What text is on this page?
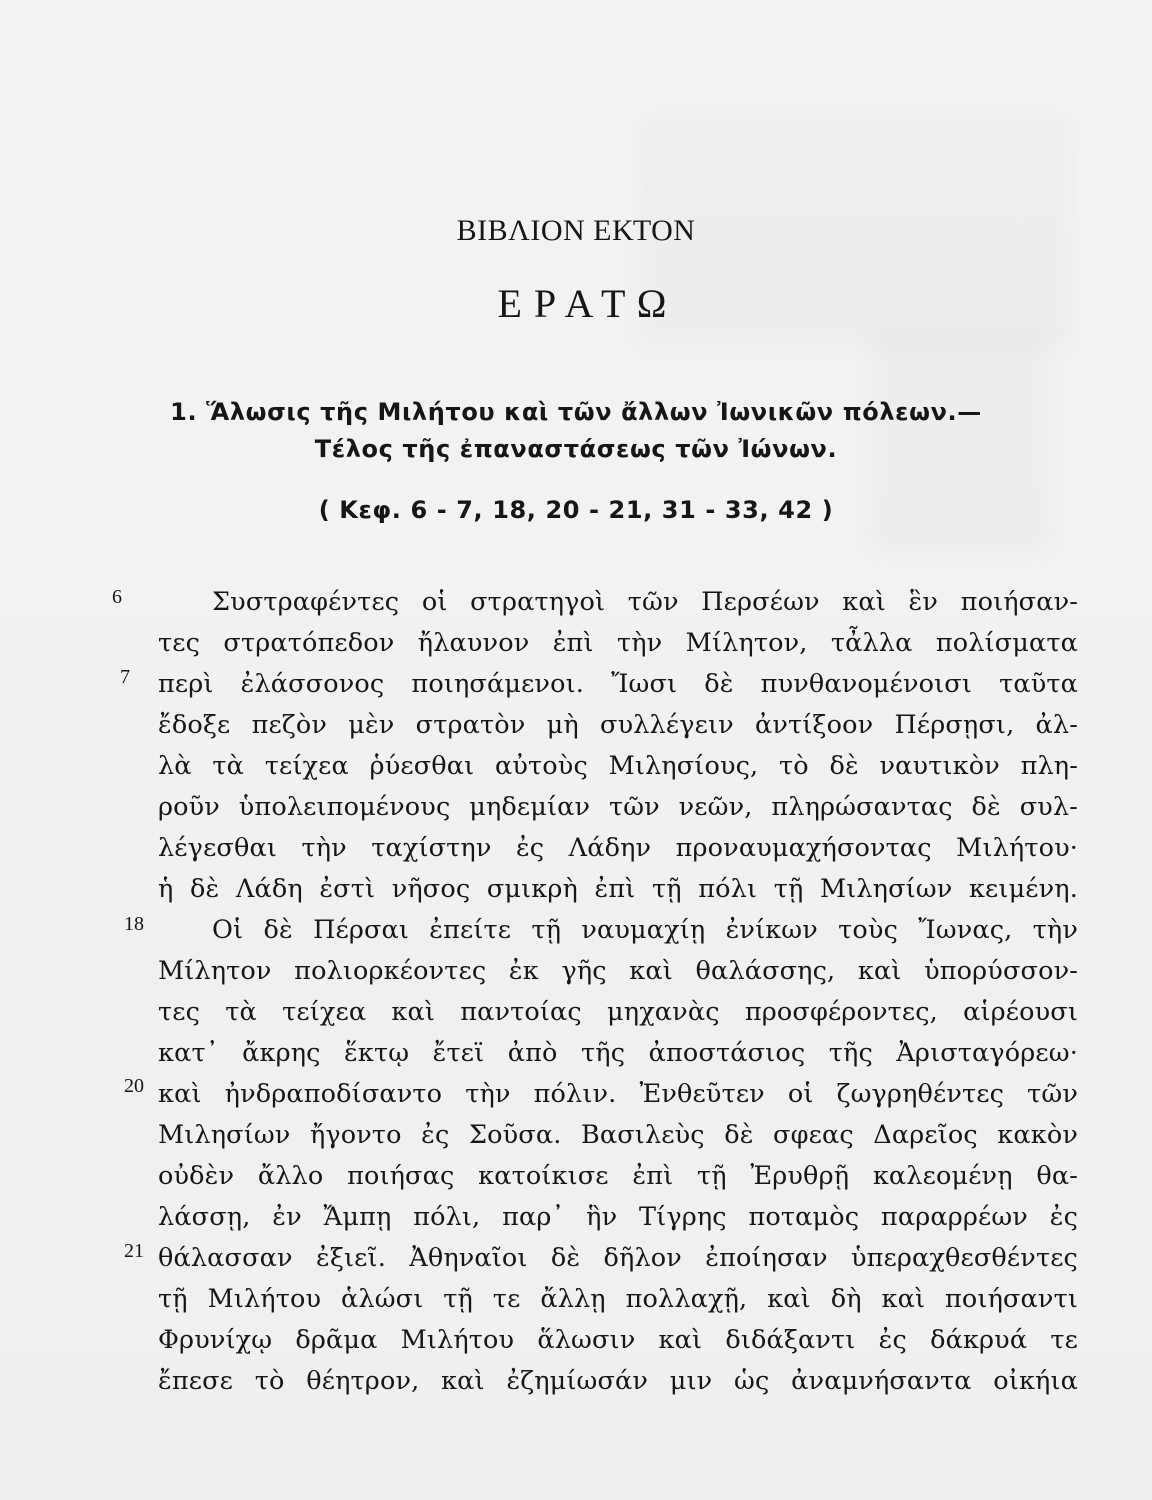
ΒΙΒΛΙΟΝ ΕΚΤΟΝ
ΕΡΑΤΩ
1. Ἅλωσις τῆς Μιλήτου καὶ τῶν ἄλλων Ἰωνικῶν πόλεων.—
Τέλος τῆς ἐπαναστάσεως τῶν Ἰώνων.
( Κεφ. 6 - 7, 18, 20 - 21, 31 - 33, 42 )
6
7
18
20
21
Συστραφέντες οἱ στρατηγοὶ τῶν Περσέων καὶ ἓν ποιήσαν-
τες στρατόπεδον ἤλαυνον ἐπὶ τὴν Μίλητον, τἆλλα πολίσματα
περὶ ἐλάσσονος ποιησάμενοι. Ἴωσι δὲ πυνθανομένοισι ταῦτα
ἔδοξε πεζὸν μὲν στρατὸν μὴ συλλέγειν ἀντίξοον Πέρσῃσι, ἀλ-
λὰ τὰ τείχεα ῥύεσθαι αὐτοὺς Μιλησίους, τὸ δὲ ναυτικὸν πλη-
ροῦν ὑπολειπομένους μηδεμίαν τῶν νεῶν, πληρώσαντας δὲ συλ-
λέγεσθαι τὴν ταχίστην ἐς Λάδην προναυμαχήσοντας Μιλήτου·
ἡ δὲ Λάδη ἐστὶ νῆσος σμικρὴ ἐπὶ τῇ πόλι τῇ Μιλησίων κειμένη.
Οἱ δὲ Πέρσαι ἐπείτε τῇ ναυμαχίῃ ἐνίκων τοὺς Ἴωνας, τὴν
Μίλητον πολιορκέοντες ἐκ γῆς καὶ θαλάσσης, καὶ ὑπορύσσον-
τες τὰ τείχεα καὶ παντοίας μηχανὰς προσφέροντες, αἱρέουσι
κατ᾽ ἄκρης ἕκτῳ ἔτεϊ ἀπὸ τῆς ἀποστάσιος τῆς Ἀρισταγόρεω·
καὶ ἠνδραποδίσαντο τὴν πόλιν. Ἐνθεῦτεν οἱ ζωγρηθέντες τῶν
Μιλησίων ἤγοντο ἐς Σοῦσα. Βασιλεὺς δὲ σφεας Δαρεῖος κακὸν
οὐδὲν ἄλλο ποιήσας κατοίκισε ἐπὶ τῇ Ἐρυθρῇ καλεομένῃ θα-
λάσσῃ, ἐν Ἄμπῃ πόλι, παρ᾽ ἣν Τίγρης ποταμὸς παραρρέων ἐς
θάλασσαν ἐξιεῖ. Ἀθηναῖοι δὲ δῆλον ἐποίησαν ὑπεραχθεσθέντες
τῇ Μιλήτου ἁλώσι τῇ τε ἄλλῃ πολλαχῇ, καὶ δὴ καὶ ποιήσαντι
Φρυνίχῳ δρᾶμα Μιλήτου ἅλωσιν καὶ διδάξαντι ἐς δάκρυά τε
ἔπεσε τὸ θέητρον, καὶ ἐζημίωσάν μιν ὡς ἀναμνήσαντα οἰκήια
